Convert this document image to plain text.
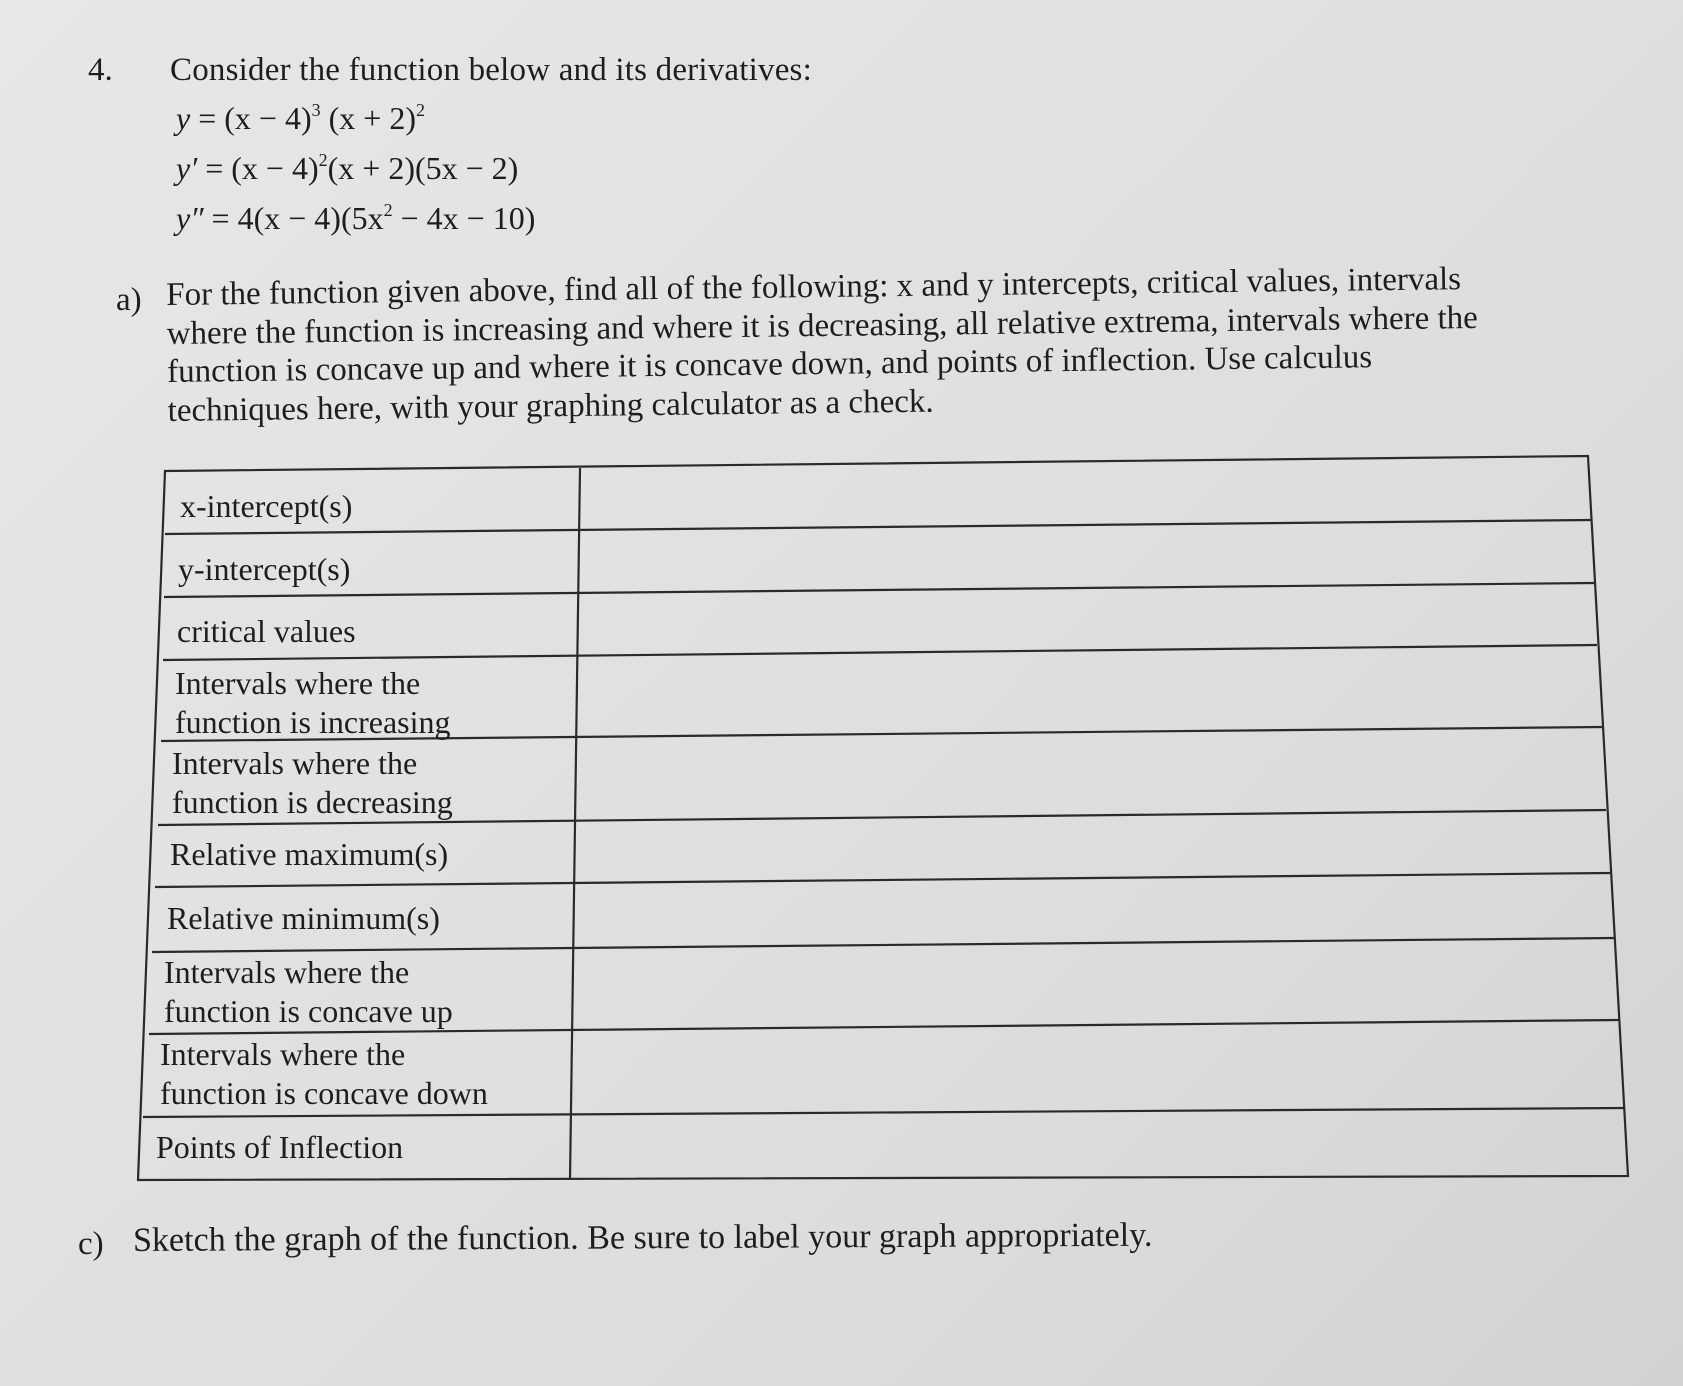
4. Consider the function below and its derivatives:
$y = (x - 4)^3$ $(x + 2)^2$
$y' = (x - 4)^2(x + 2)(5x - 2)$
$y'' = 4(x - 4)(5x^2 - 4x - 10)$
a) For the function given above, find all of the following: x and y intercepts, critical values, intervals
where the function is increasing and where it is decreasing, all relative extrema, intervals where the
function is concave up and where it is concave down, and points of inflection. Use calculus
techniques here, with your graphing calculator as a check.
x-intercept(s)
y-intercept(s)
critical values
Intervals where the
function is increasing
Intervals where the
function is decreasing
Relative maximum(s)
Relative minimum(s)
Intervals where the
function is concave up
Intervals where the
function is concave down
Points of Inflection
c) Sketch the graph of the function. Be sure to label your graph appropriately.
